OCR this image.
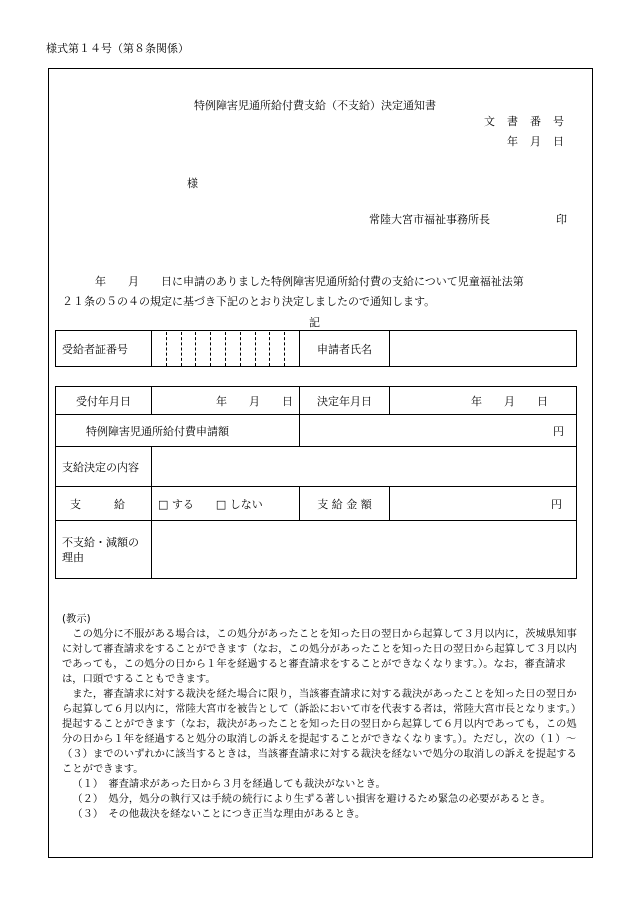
様式第１４号（第８条関係）
特例障害児通所給付費支給（不支給）決定通知書
文書番号
年月日
様
常陸大宮市福祉事務所長	印
年　　月　　日に申請のありました特例障害児通所給付費の支給について児童福祉法第
２１条の５の４の規定に基づき下記のとおり決定しましたので通知します。
記
受給者証番号		申請者氏名	
受付年月日	年　　月　　日	決定年月日	年　　月　　日
特例障害児通所給付費申請額		円	
支給決定の内容			
支　　　給	□ する　　□ しない	支 給 金 額	円
不支給・減額の理由			

(教示)

この処分に不服がある場合は，この処分があったことを知った日の翌日から起算して３月以内に，茨城県知事に対して審査請求をすることができます（なお，この処分があったことを知った日の翌日から起算して３月以内であっても，この処分の日から１年を経過すると審査請求をすることができなくなります。）。なお，審査請求は，口頭ですることもできます。

また，審査請求に対する裁決を経た場合に限り，当該審査請求に対する裁決があったことを知った日の翌日から起算して６月以内に，常陸大宮市を被告として（訴訟において市を代表する者は，常陸大宮市長となります。）提起することができます（なお，裁決があったことを知った日の翌日から起算して６月以内であっても，この処分の日から１年を経過すると処分の取消しの訴えを提起することができなくなります。）。ただし，次の（１）〜（３）までのいずれかに該当するときは，当該審査請求に対する裁決を経ないで処分の取消しの訴えを提起することができます。

（１）　審査請求があった日から３月を経過しても裁決がないとき。

（２）　処分，処分の執行又は手続の続行により生ずる著しい損害を避けるため緊急の必要があるとき。

（３）　その他裁決を経ないことにつき正当な理由があるとき。
